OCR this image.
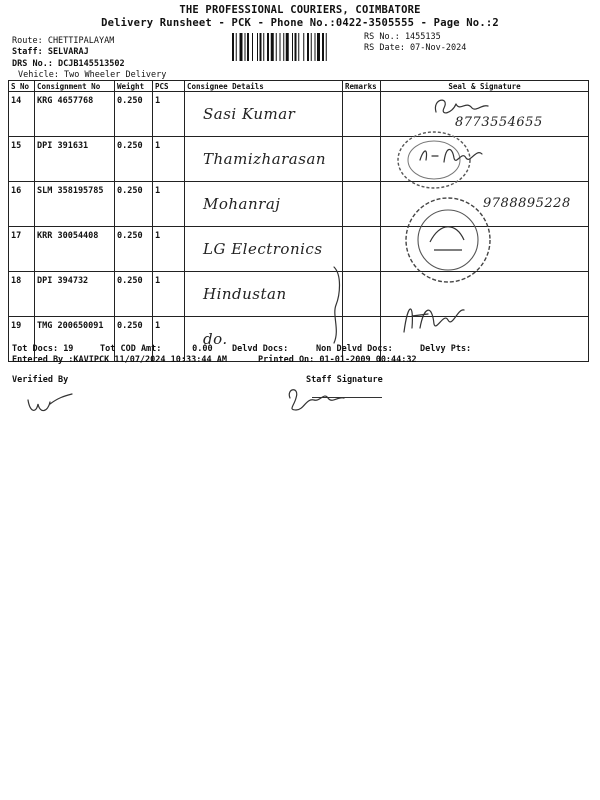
THE PROFESSIONAL COURIERS, COIMBATORE
Delivery Runsheet - PCK - Phone No.:0422-3505555 - Page No.:2
Route: CHETTIPALAYAM
Staff: SELVARAJ
DRS No.: DCJB145513502
Vehicle: Two Wheeler Delivery
RS No.: 1455135
RS Date: 07-Nov-2024
S No	Consignment No	Weight	PCS	Consignee Details	Remarks	Seal & Signature
14	KRG 4657768	0.250	1	Sasi Kumar		
15	DPI 391631	0.250	1	Thamizharasan		
16	SLM 358195785	0.250	1	Mohanraj		
17	KRR 30054408	0.250	1	LG Electronics		
18	DPI 394732	0.250	1	Hindustan		
19	TMG 200650091	0.250	1	do.		
8773554655
9788895228
Tot Docs: 19	Tot COD Amt:	0.00 Delvd Docs:	Non Delvd Docs:	Delvy Pts:
Entered By :KAVIPCK 11/07/2024 10:33:44 AM	Printed On: 01-01-2009 00:44:32
Verified By	Staff Signature
